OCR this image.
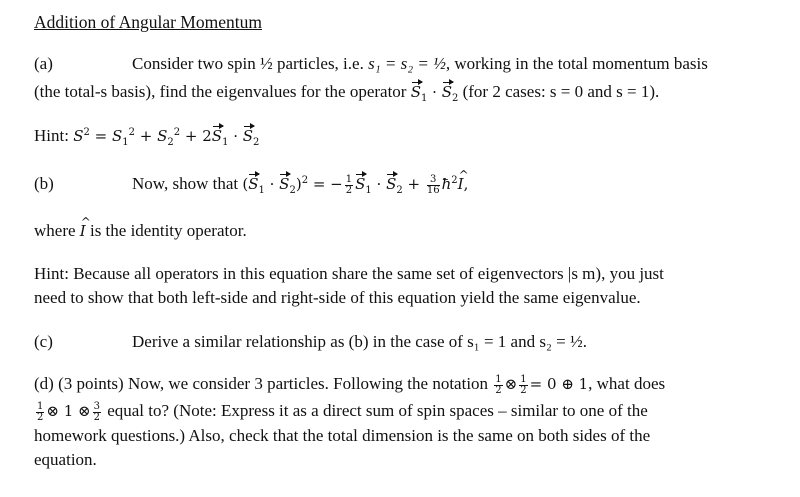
Addition of Angular Momentum
(a)	Consider two spin ½ particles, i.e. s₁ = s₂ = ½, working in the total momentum basis
(the total-s basis), find the eigenvalues for the operator $S_1 \cdot S_2$ (for 2 cases: s = 0 and s = 1).
Hint: $S^2 = S_1^2 + S_2^2 + 2S_1 \cdot S_2$
(b)	Now, show that $(S_1 \cdot S_2)^2$ = − $\frac{1}{2} S_1 \cdot S_2 + \frac{3}{16}$ $ħ^2\^{}$ I,
where ^ I is the identity operator.
Hint: Because all operators in this equation share the same set of eigenvectors |s m), you just
need to show that both left-side and right-side of this equation yield the same eigenvalue.
(c)	Derive a similar relationship as (b) in the case of s₁ = 1 and s₂ = ½.
(d) (3 points) Now, we consider 3 particles. Following the notation $\frac{1}{2}$ ⊗ $\frac{1}{2} = 0$ ⊕ 1, what does
$\frac{1}{2}$ ⊗ 1 ⊗ $\frac{3}{2}$ equal to? (Note: Express it as a direct sum of spin spaces – similar to one of the
homework questions.) Also, check that the total dimension is the same on both sides of the
equation.
